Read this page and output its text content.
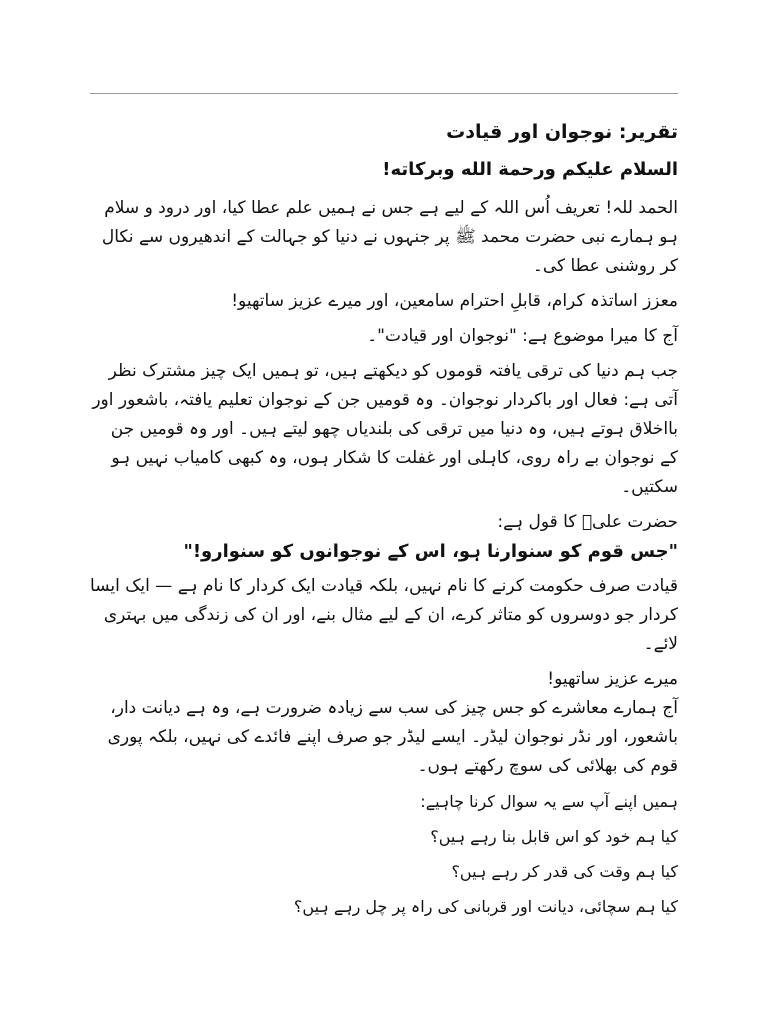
تقریر: نوجوان اور قیادت

السلام علیکم ورحمة الله وبرکاته!

الحمد للہ! تعریف اُس اللہ کے لیے ہے جس نے ہمیں علم عطا کیا، اور درود و سلام ہو ہمارے نبی حضرت محمد ﷺ پر جنہوں نے دنیا کو جہالت کے اندھیروں سے نکال کر روشنی عطا کی۔

معزز اساتذہ کرام، قابلِ احترام سامعین، اور میرے عزیز ساتھیو!

آج کا میرا موضوع ہے: "نوجوان اور قیادت"۔

جب ہم دنیا کی ترقی یافتہ قوموں کو دیکھتے ہیں، تو ہمیں ایک چیز مشترک نظر آتی ہے: فعال اور باکردار نوجوان۔ وہ قومیں جن کے نوجوان تعلیم یافتہ، باشعور اور بااخلاق ہوتے ہیں، وہ دنیا میں ترقی کی بلندیاں چھو لیتے ہیں۔ اور وہ قومیں جن کے نوجوان بے راہ روی، کاہلی اور غفلت کا شکار ہوں، وہ کبھی کامیاب نہیں ہو سکتیں۔

حضرت علیؓ کا قول ہے:

"جس قوم کو سنوارنا ہو، اس کے نوجوانوں کو سنوارو!"

قیادت صرف حکومت کرنے کا نام نہیں، بلکہ قیادت ایک کردار کا نام ہے — ایک ایسا کردار جو دوسروں کو متاثر کرے، ان کے لیے مثال بنے، اور ان کی زندگی میں بہتری لائے۔

میرے عزیز ساتھیو!

آج ہمارے معاشرے کو جس چیز کی سب سے زیادہ ضرورت ہے، وہ ہے دیانت دار، باشعور، اور نڈر نوجوان لیڈر۔ ایسے لیڈر جو صرف اپنے فائدے کی نہیں، بلکہ پوری قوم کی بھلائی کی سوچ رکھتے ہوں۔

ہمیں اپنے آپ سے یہ سوال کرنا چاہیے:

کیا ہم خود کو اس قابل بنا رہے ہیں؟

کیا ہم وقت کی قدر کر رہے ہیں؟

کیا ہم سچائی، دیانت اور قربانی کی راہ پر چل رہے ہیں؟
